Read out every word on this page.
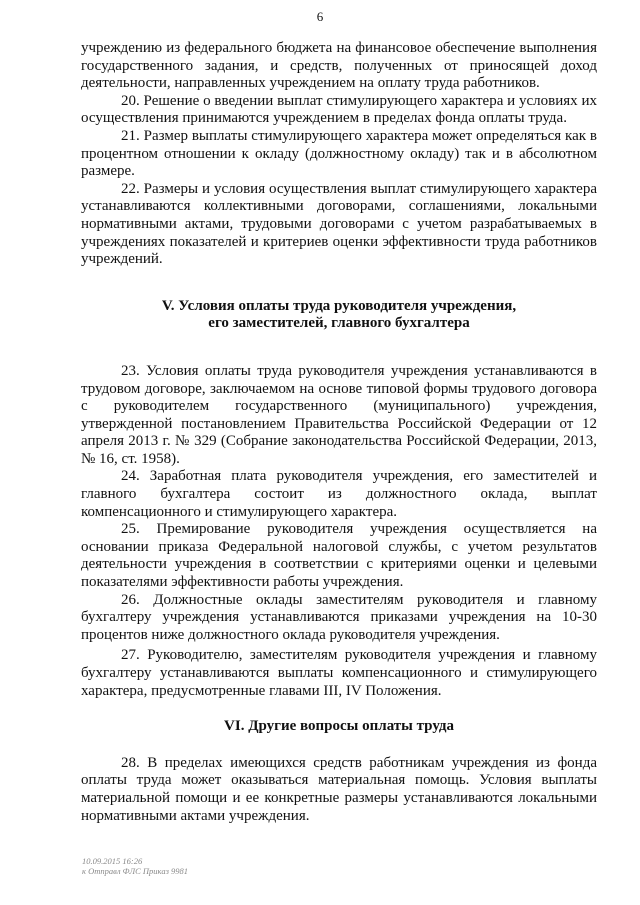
6

учреждению из федерального бюджета на финансовое обеспечение выполнения государственного задания, и средств, полученных от приносящей доход деятельности, направленных учреждением на оплату труда работников.

20. Решение о введении выплат стимулирующего характера и условиях их осуществления принимаются учреждением в пределах фонда оплаты труда.

21. Размер выплаты стимулирующего характера может определяться как в процентном отношении к окладу (должностному окладу) так и в абсолютном размере.

22. Размеры и условия осуществления выплат стимулирующего характера устанавливаются коллективными договорами, соглашениями, локальными нормативными актами, трудовыми договорами с учетом разрабатываемых в учреждениях показателей и критериев оценки эффективности труда работников учреждений.

V. Условия оплаты труда руководителя учреждения,
его заместителей, главного бухгалтера

23. Условия оплаты труда руководителя учреждения устанавливаются в трудовом договоре, заключаемом на основе типовой формы трудового договора с руководителем государственного (муниципального) учреждения, утвержденной постановлением Правительства Российской Федерации от 12 апреля 2013 г. № 329 (Собрание законодательства Российской Федерации, 2013, № 16, ст. 1958).

24. Заработная плата руководителя учреждения, его заместителей и главного бухгалтера состоит из должностного оклада, выплат компенсационного и стимулирующего характера.

25. Премирование руководителя учреждения осуществляется на основании приказа Федеральной налоговой службы, с учетом результатов деятельности учреждения в соответствии с критериями оценки и целевыми показателями эффективности работы учреждения.

26. Должностные оклады заместителям руководителя и главному бухгалтеру учреждения устанавливаются приказами учреждения на 10-30 процентов ниже должностного оклада руководителя учреждения.

27. Руководителю, заместителям руководителя учреждения и главному бухгалтеру устанавливаются выплаты компенсационного и стимулирующего характера, предусмотренные главами III, IV Положения.

VI. Другие вопросы оплаты труда

28. В пределах имеющихся средств работникам учреждения из фонда оплаты труда может оказываться материальная помощь. Условия выплаты материальной помощи и ее конкретные размеры устанавливаются локальными нормативными актами учреждения.

10.09.2015 16:26
к Отправл ФЛС Приказ 9981
